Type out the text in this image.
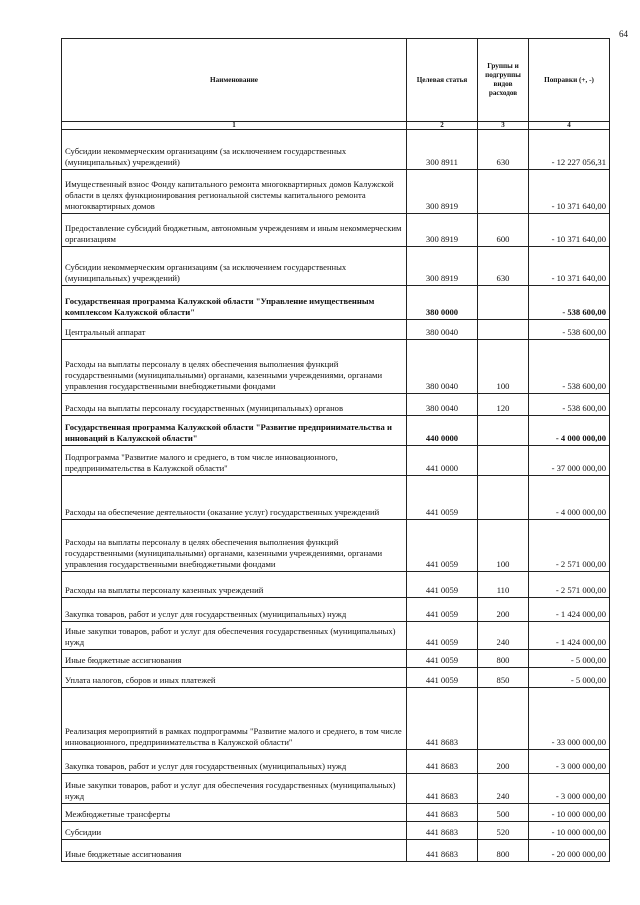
64
Наименование	Целевая статья	Группы и подгруппы видов расходов	Поправки (+, -)
1	2	3	4
Субсидии некоммерческим организациям (за исключением государственных (муниципальных) учреждений)	300 8911	630	- 12 227 056,31
Имущественный взнос Фонду капитального ремонта многоквартирных домов Калужской области в целях функционирования региональной системы капитального ремонта многоквартирных домов	300 8919		- 10 371 640,00
Предоставление субсидий бюджетным, автономным учреждениям и иным некоммерческим организациям	300 8919	600	- 10 371 640,00
Субсидии некоммерческим организациям (за исключением государственных (муниципальных) учреждений)	300 8919	630	- 10 371 640,00
Государственная программа Калужской области "Управление имущественным комплексом Калужской области"	380 0000		- 538 600,00
Центральный аппарат	380 0040		- 538 600,00
Расходы на выплаты персоналу в целях обеспечения выполнения функций государственными (муниципальными) органами, казенными учреждениями, органами управления государственными внебюджетными фондами	380 0040	100	- 538 600,00
Расходы на выплаты персоналу государственных (муниципальных) органов	380 0040	120	- 538 600,00
Государственная программа Калужской области "Развитие предпринимательства и инноваций в Калужской области"	440 0000		- 4 000 000,00
Подпрограмма "Развитие малого и среднего, в том числе инновационного, предпринимательства в Калужской области"	441 0000		- 37 000 000,00
Расходы на обеспечение деятельности (оказание услуг) государственных учреждений	441 0059		- 4 000 000,00
Расходы на выплаты персоналу в целях обеспечения выполнения функций государственными (муниципальными) органами, казенными учреждениями, органами управления государственными внебюджетными фондами	441 0059	100	- 2 571 000,00
Расходы на выплаты персоналу казенных учреждений	441 0059	110	- 2 571 000,00
Закупка товаров, работ и услуг для государственных (муниципальных) нужд	441 0059	200	- 1 424 000,00
Иные закупки товаров, работ и услуг для обеспечения государственных (муниципальных) нужд	441 0059	240	- 1 424 000,00
Иные бюджетные ассигнования	441 0059	800	- 5 000,00
Уплата налогов, сборов и иных платежей	441 0059	850	- 5 000,00
Реализация мероприятий в рамках подпрограммы "Развитие малого и среднего, в том числе инновационного, предпринимательства в Калужской области"	441 8683		- 33 000 000,00
Закупка товаров, работ и услуг для государственных (муниципальных) нужд	441 8683	200	- 3 000 000,00
Иные закупки товаров, работ и услуг для обеспечения государственных (муниципальных) нужд	441 8683	240	- 3 000 000,00
Межбюджетные трансферты	441 8683	500	- 10 000 000,00
Субсидии	441 8683	520	- 10 000 000,00
Иные бюджетные ассигнования	441 8683	800	- 20 000 000,00
